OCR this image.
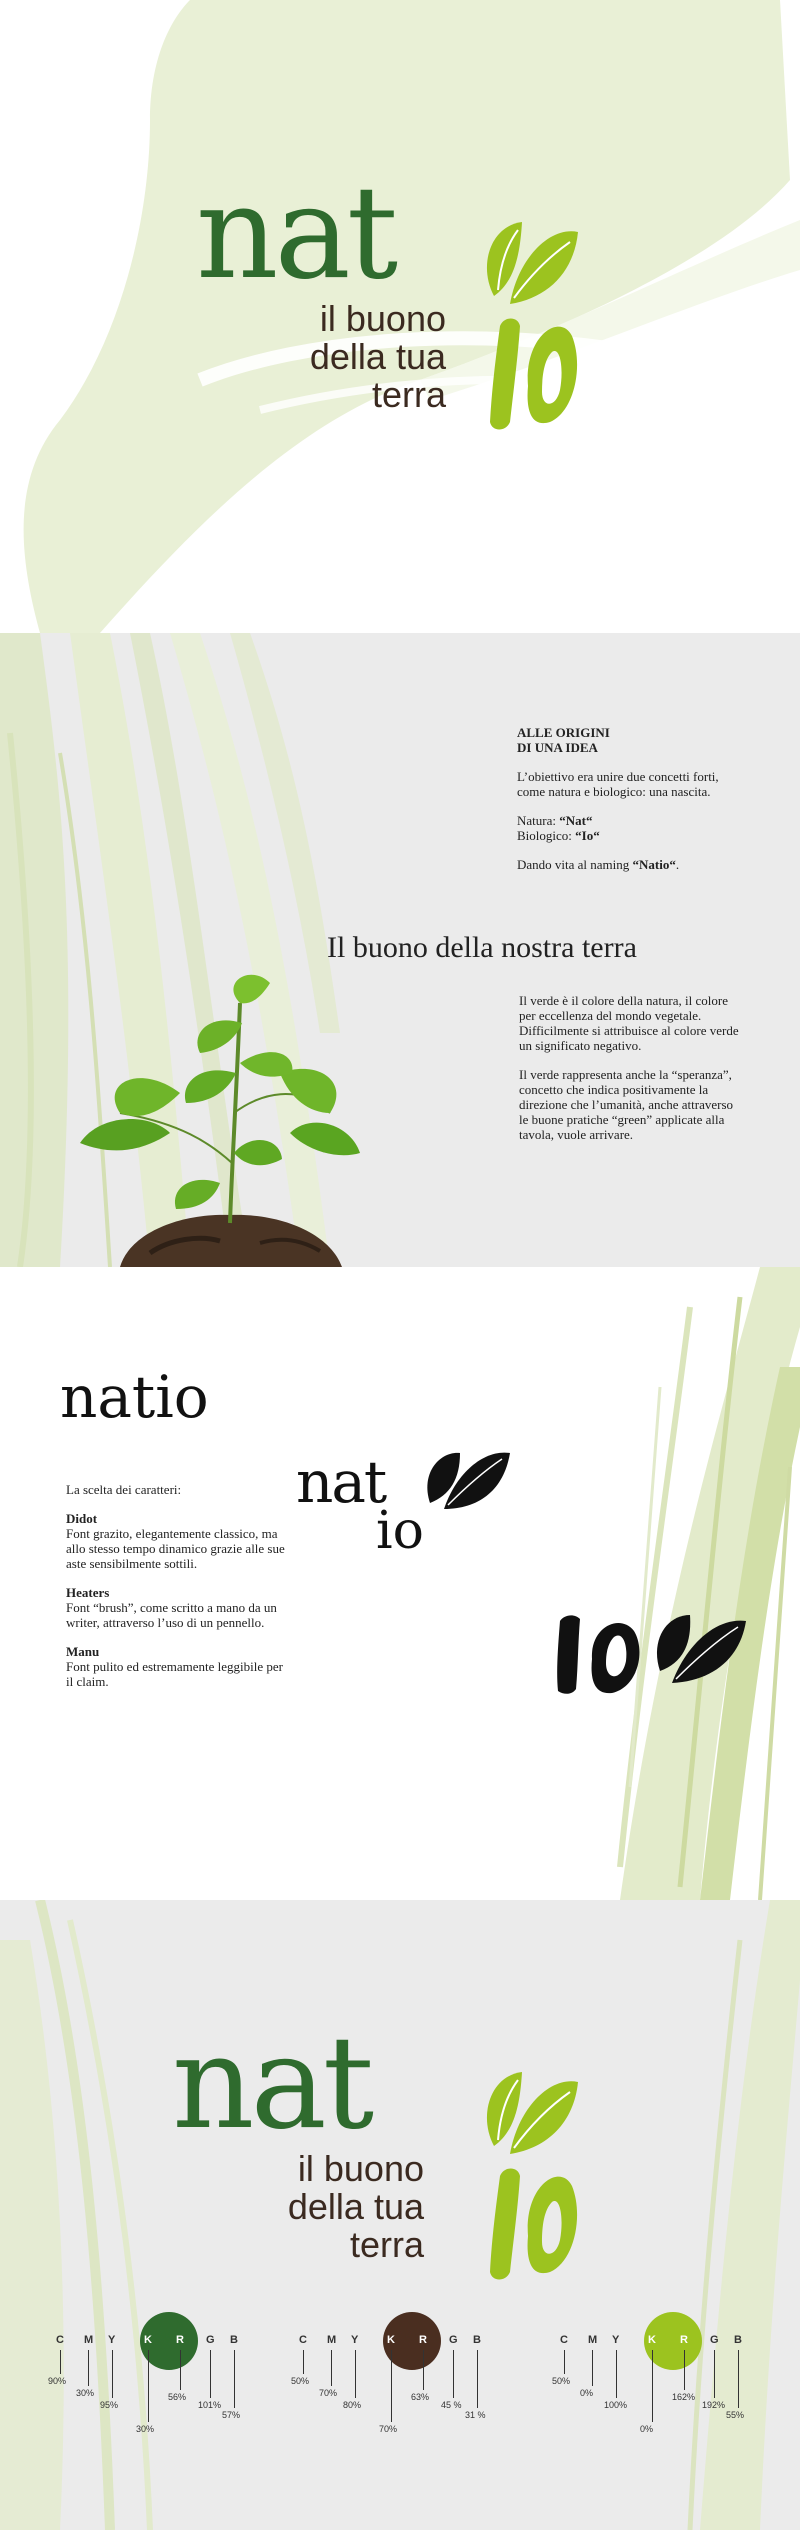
nat
il buono
della tua
terra

ALLE ORIGINI
DI UNA IDEA

L’obiettivo era unire due concetti forti, come natura e biologico: una nascita.

Natura: “Nat“
Biologico: “Io“

Dando vita al naming “Natio“.

Il buono della nostra terra

Il verde è il colore della natura, il colore per eccellenza del mondo vegetale. Difficilmente si attribuisce al colore verde un significato negativo.

Il verde rappresenta anche la “speranza”, concetto che indica positivamente la direzione che l’umanità, anche attraverso le buone pratiche “green” applicate alla tavola, vuole arrivare.

natio

La scelta dei caratteri:

Didot
Font grazito, elegantemente classico, ma allo stesso tempo dinamico grazie alle sue aste sensibilmente sottili.

Heaters
Font “brush”, come scritto a mano da un writer, attraverso l’uso di un pennello.

Manu
Font pulito ed estremamente leggibile per il claim.

nat
io
nat
il buono
della tua
terra
C
90%
M
30%
Y
95%
K
30%
R
56%
G
101%
B
57%
C
50%
M
70%
Y
80%
K
70%
R
63%
G
45 %
B
31 %
C
50%
M
0%
Y
100%
K
0%
R
162%
G
192%
B
55%
